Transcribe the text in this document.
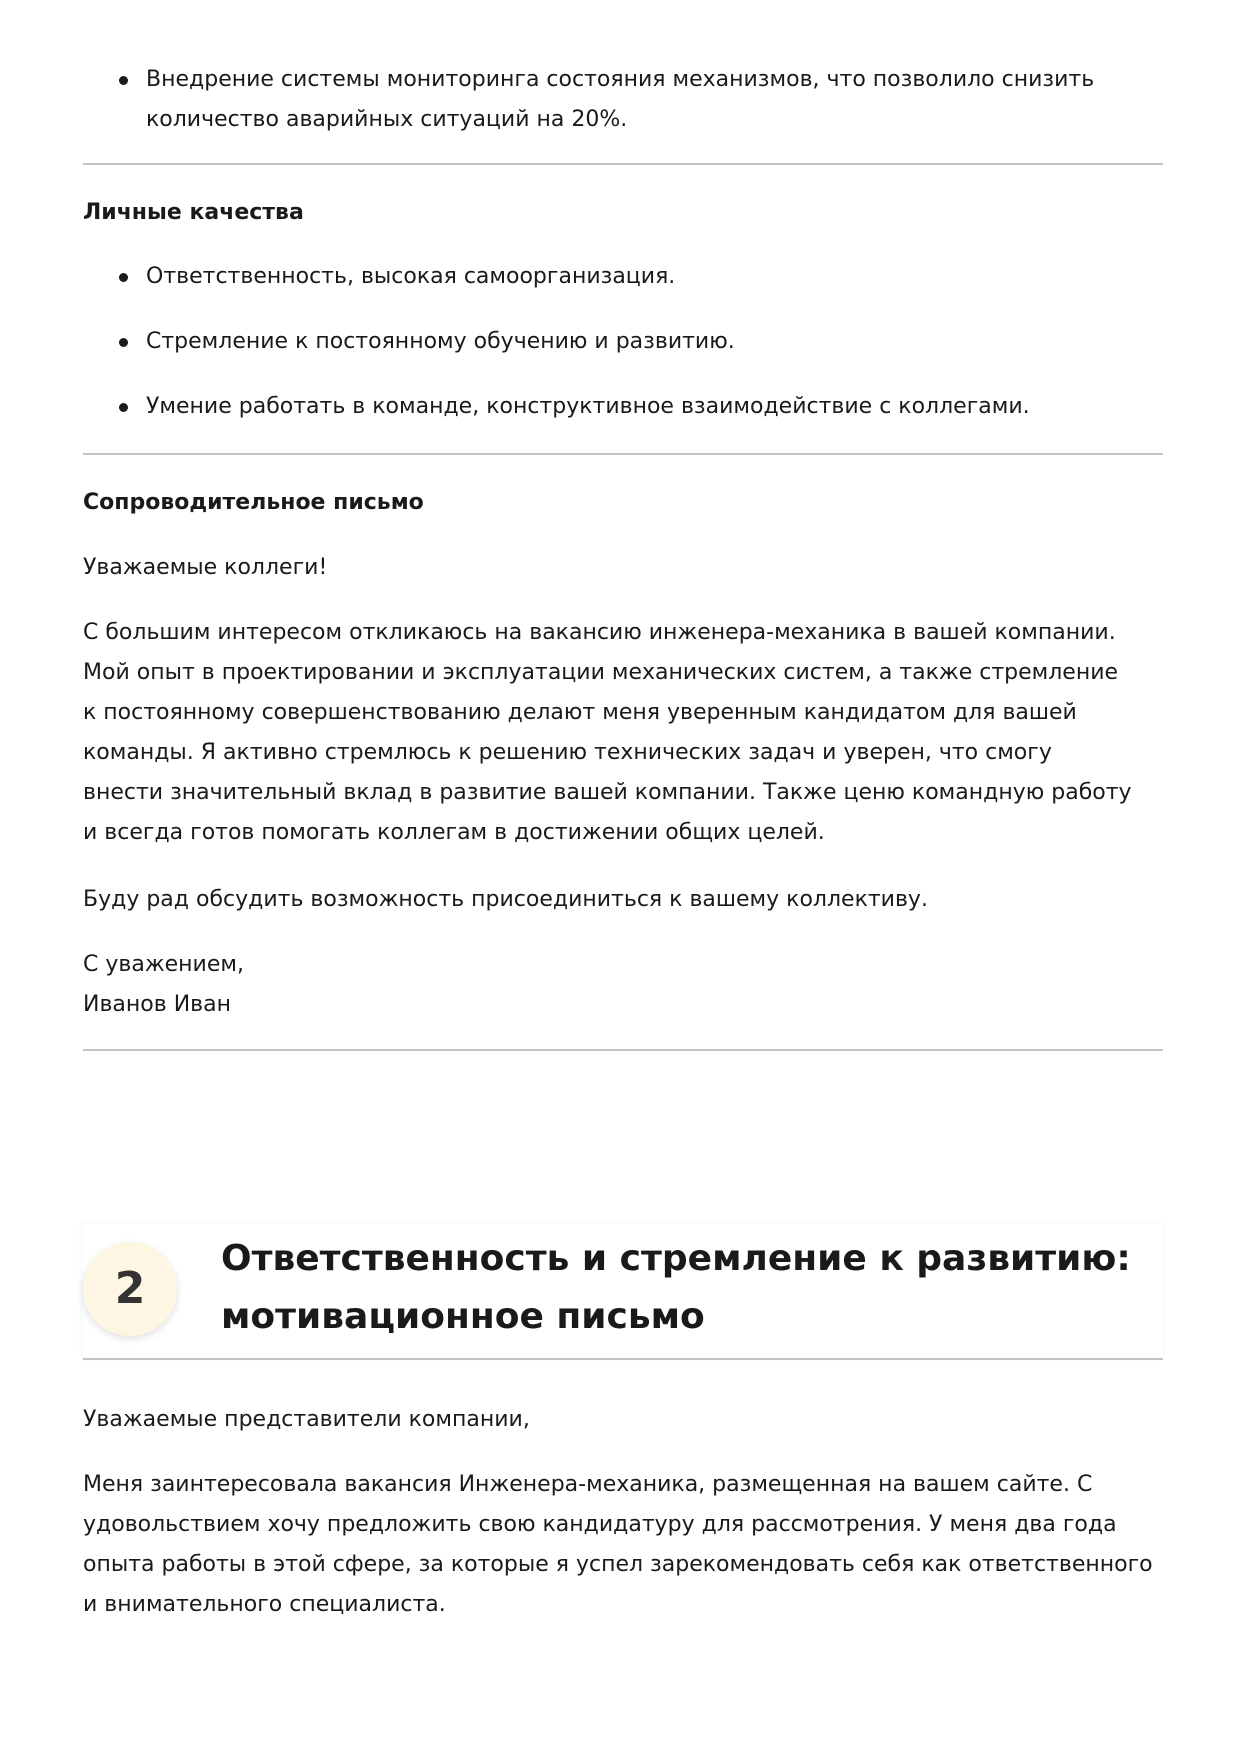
Внедрение системы мониторинга состояния механизмов, что позволило снизить количество аварийных ситуаций на 20%.
Личные качества
Ответственность, высокая самоорганизация.
Стремление к постоянному обучению и развитию.
Умение работать в команде, конструктивное взаимодействие с коллегами.
Сопроводительное письмо

Уважаемые коллеги!

С большим интересом откликаюсь на вакансию инженера-механика в вашей компании. Мой опыт в проектировании и эксплуатации механических систем, а также стремление к постоянному совершенствованию делают меня уверенным кандидатом для вашей команды. Я активно стремлюсь к решению технических задач и уверен, что смогу внести значительный вклад в развитие вашей компании. Также ценю командную работу и всегда готов помогать коллегам в достижении общих целей.

Буду рад обсудить возможность присоединиться к вашему коллективу.

С уважением,

Иванов Иван

2
Ответственность и стремление к развитию: мотивационное письмо

Уважаемые представители компании,

Меня заинтересовала вакансия Инженера-механика, размещенная на вашем сайте. С удовольствием хочу предложить свою кандидатуру для рассмотрения. У меня два года опыта работы в этой сфере, за которые я успел зарекомендовать себя как ответственного и внимательного специалиста.
